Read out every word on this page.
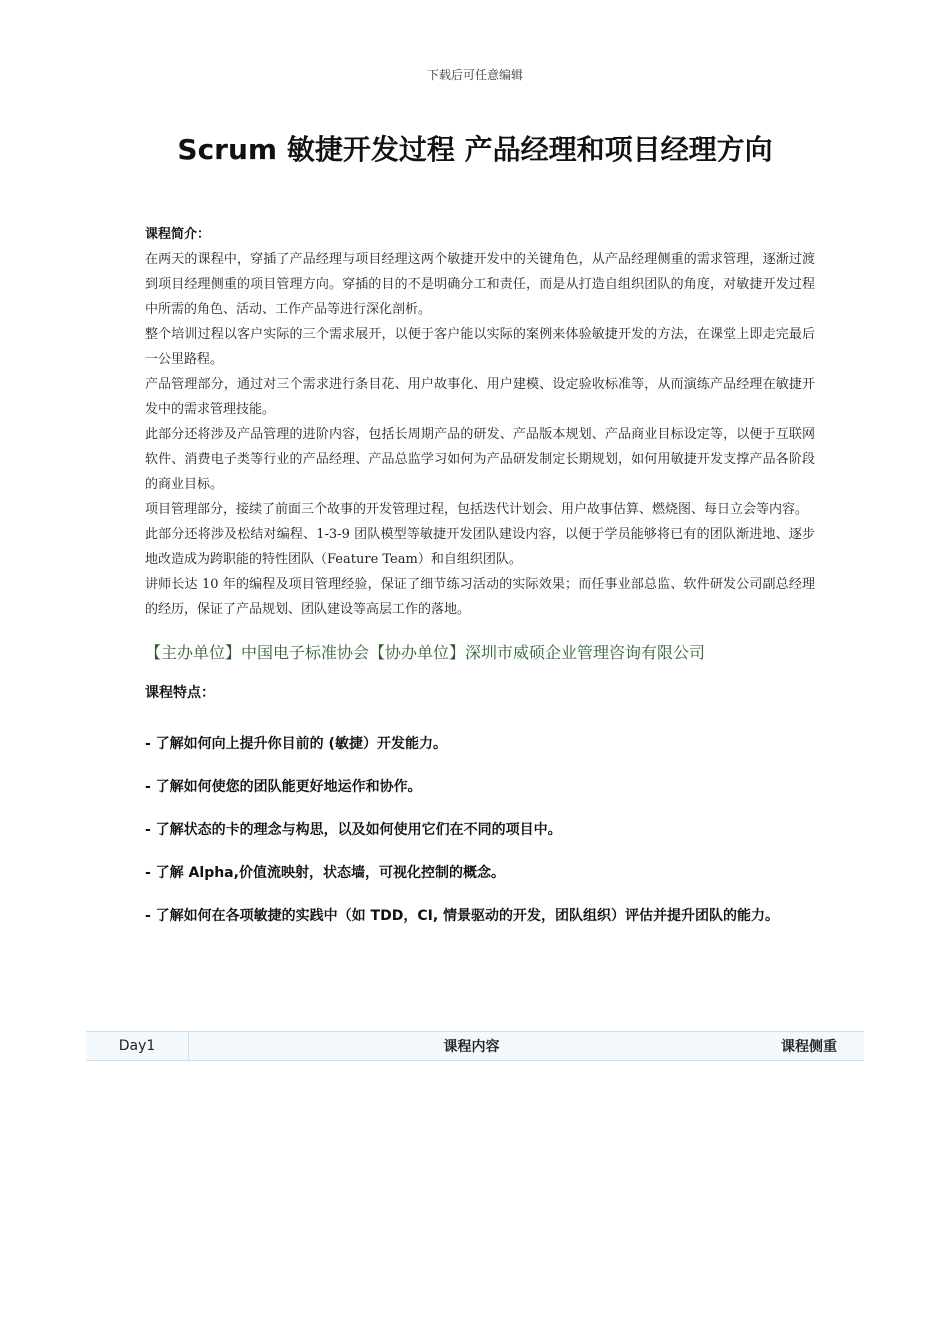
下载后可任意编辑
Scrum 敏捷开发过程 产品经理和项目经理方向
课程简介：

在两天的课程中，穿插了产品经理与项目经理这两个敏捷开发中的关键角色，从产品经理侧重的需求管理，逐渐过渡到项目经理侧重的项目管理方向。穿插的目的不是明确分工和责任，而是从打造自组织团队的角度，对敏捷开发过程中所需的角色、活动、工作产品等进行深化剖析。

整个培训过程以客户实际的三个需求展开，以便于客户能以实际的案例来体验敏捷开发的方法，在课堂上即走完最后一公里路程。

产品管理部分，通过对三个需求进行条目花、用户故事化、用户建模、设定验收标准等，从而演练产品经理在敏捷开发中的需求管理技能。

此部分还将涉及产品管理的进阶内容，包括长周期产品的研发、产品版本规划、产品商业目标设定等，以便于互联网软件、消费电子类等行业的产品经理、产品总监学习如何为产品研发制定长期规划，如何用敏捷开发支撑产品各阶段的商业目标。

项目管理部分，接续了前面三个故事的开发管理过程，包括迭代计划会、用户故事估算、燃烧图、每日立会等内容。

此部分还将涉及松结对编程、1-3-9 团队模型等敏捷开发团队建设内容，以便于学员能够将已有的团队渐进地、逐步地改造成为跨职能的特性团队（Feature Team）和自组织团队。

讲师长达 10 年的编程及项目管理经验，保证了细节练习活动的实际效果；而任事业部总监、软件研发公司副总经理的经历，保证了产品规划、团队建设等高层工作的落地。

【主办单位】中国电子标准协会【协办单位】深圳市威硕企业管理咨询有限公司
课程特点：
- 了解如何向上提升你目前的 (敏捷）开发能力。
- 了解如何使您的团队能更好地运作和协作。
- 了解状态的卡的理念与构思，以及如何使用它们在不同的项目中。
- 了解 Alpha,价值流映射，状态墙，可视化控制的概念。
- 了解如何在各项敏捷的实践中（如 TDD，CI, 情景驱动的开发，团队组织）评估并提升团队的能力。
Day1	课程内容	课程侧重
